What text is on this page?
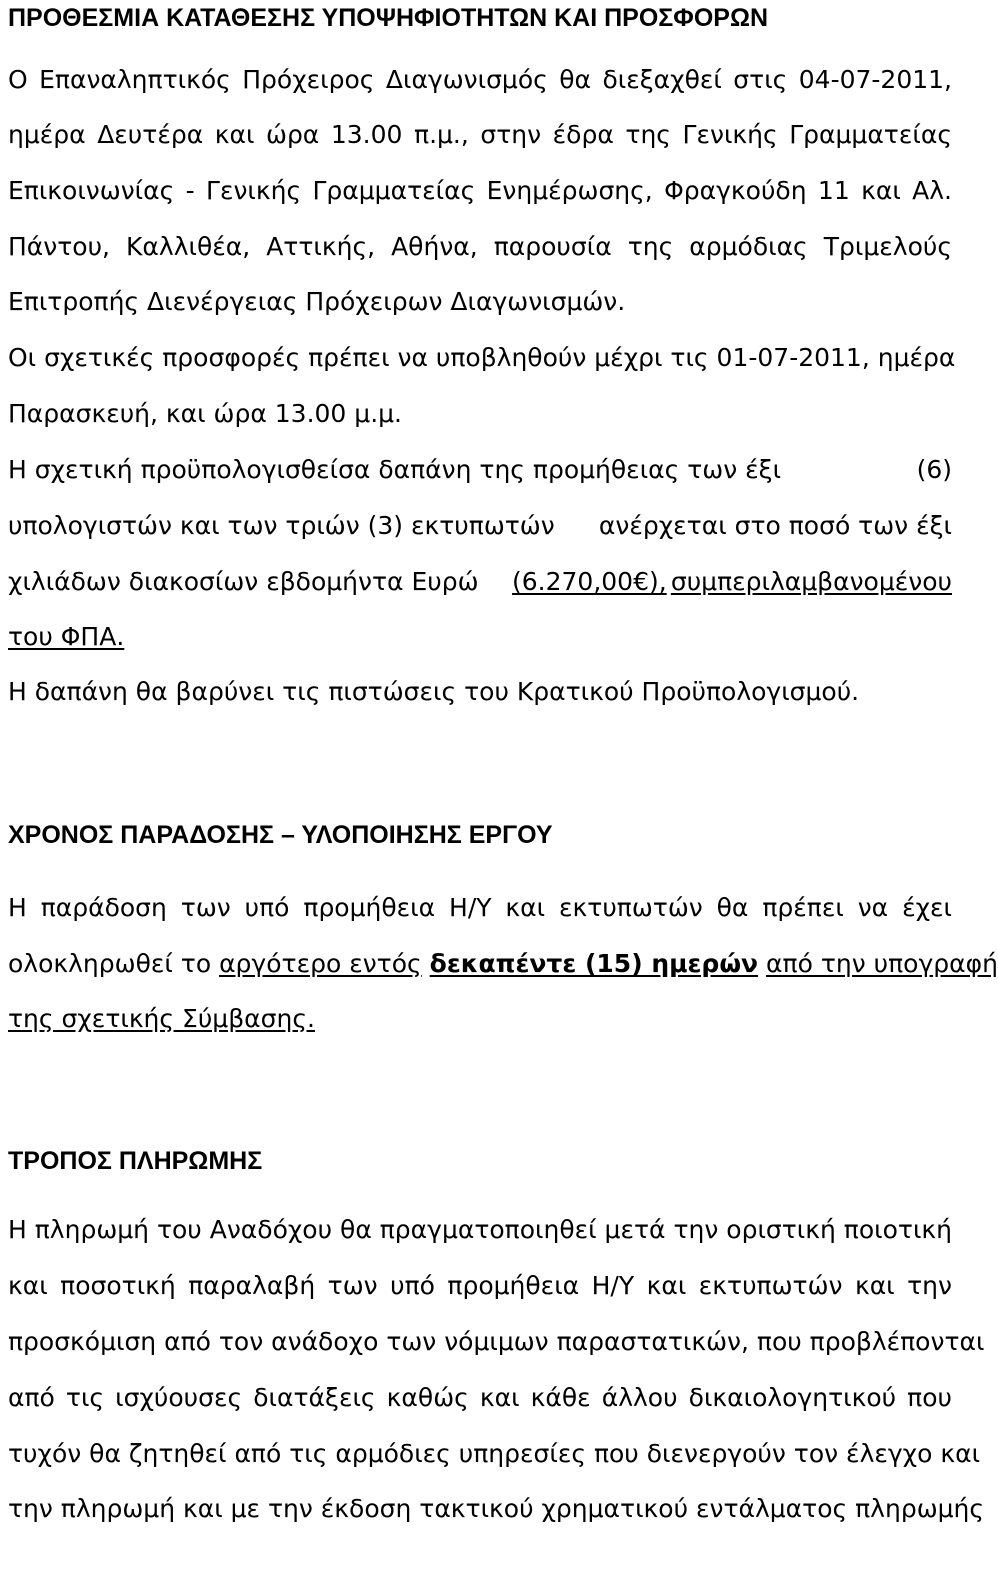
ΠΡΟΘΕΣΜΙΑ ΚΑΤΑΘΕΣΗΣ ΥΠΟΨΗΦΙΟΤΗΤΩΝ ΚΑΙ ΠΡΟΣΦΟΡΩΝ
Ο Επαναληπτικός Πρόχειρος Διαγωνισμός θα διεξαχθεί στις 04-07-2011,
ημέρα Δευτέρα και ώρα 13.00 π.μ., στην έδρα της Γενικής Γραμματείας
Επικοινωνίας - Γενικής Γραμματείας Ενημέρωσης, Φραγκούδη 11 και Αλ.
Πάντου, Καλλιθέα, Αττικής, Αθήνα, παρουσία της αρμόδιας Τριμελούς
Επιτροπής Διενέργειας Πρόχειρων Διαγωνισμών.
Οι σχετικές προσφορές πρέπει να υποβληθούν μέχρι τις 01-07-2011, ημέρα
Παρασκευή, και ώρα 13.00 μ.μ.
Η σχετική προϋπολογισθείσα δαπάνη της προμήθειας των έξι	(6)
υπολογιστών και των τριών (3) εκτυπωτών ανέρχεται στο ποσό των έξι
χιλιάδων διακοσίων εβδομήντα Ευρώ (6.270,00€), συμπεριλαμβανομένου
του ΦΠΑ.
Η δαπάνη θα βαρύνει τις πιστώσεις του Κρατικού Προϋπολογισμού.
ΧΡΟΝΟΣ ΠΑΡΑΔΟΣΗΣ – ΥΛΟΠΟΙΗΣΗΣ ΕΡΓΟΥ
Η παράδοση των υπό προμήθεια Η/Υ και εκτυπωτών θα πρέπει να έχει
ολοκληρωθεί το αργότερο εντός δεκαπέντε (15) ημερών από την υπογραφή
της σχετικής Σύμβασης.
ΤΡΟΠΟΣ ΠΛΗΡΩΜΗΣ
Η πληρωμή του Αναδόχου θα πραγματοποιηθεί μετά την οριστική ποιοτική
και ποσοτική παραλαβή των υπό προμήθεια Η/Υ και εκτυπωτών και την
προσκόμιση από τον ανάδοχο των νόμιμων παραστατικών, που προβλέπονται
από τις ισχύουσες διατάξεις καθώς και κάθε άλλου δικαιολογητικού που
τυχόν θα ζητηθεί από τις αρμόδιες υπηρεσίες που διενεργούν τον έλεγχο και
την πληρωμή και με την έκδοση τακτικού χρηματικού εντάλματος πληρωμής
